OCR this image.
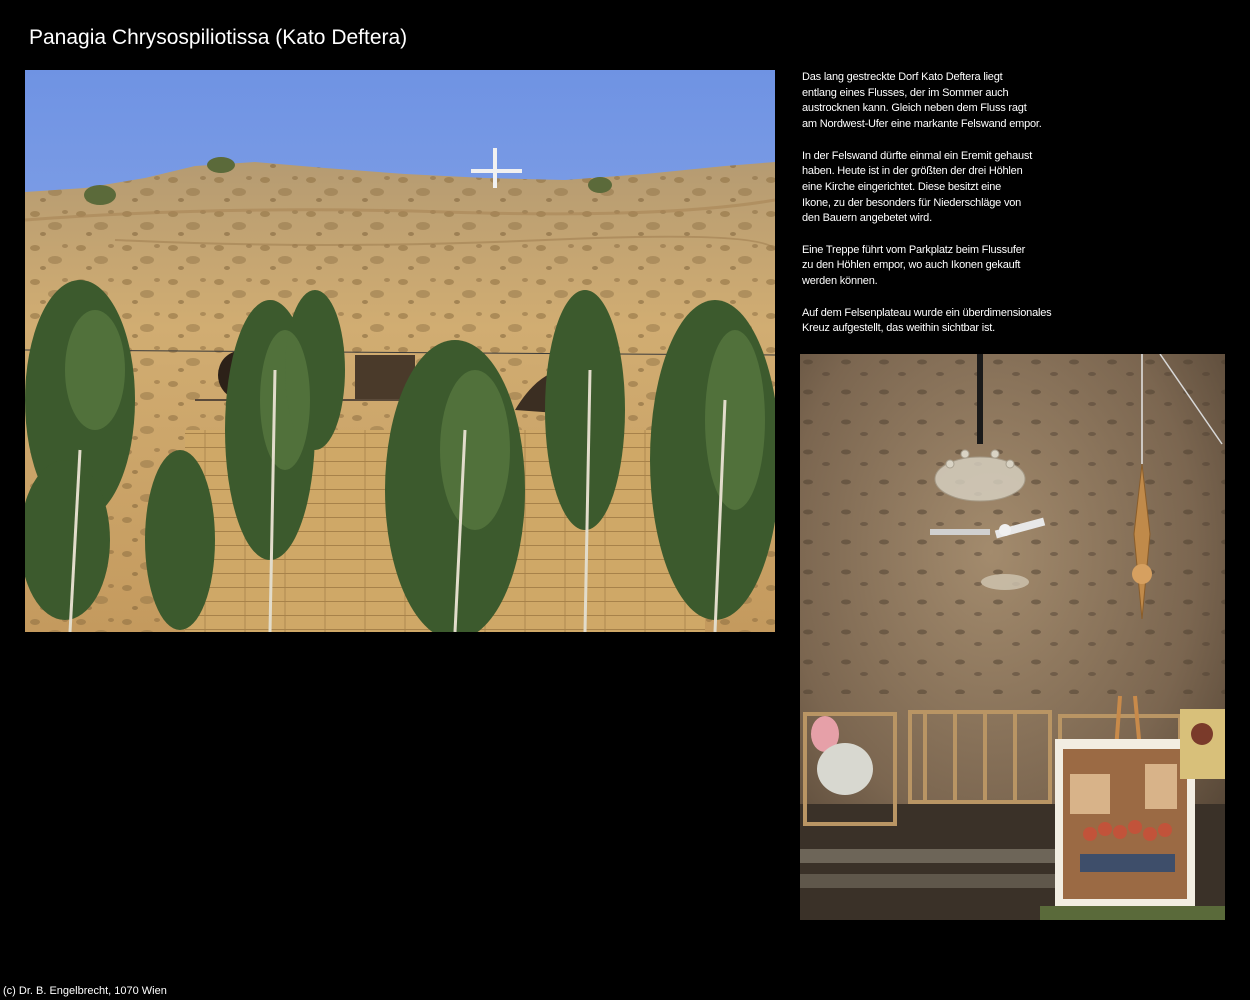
Panagia Chrysospiliotissa (Kato Deftera)

Das lang gestreckte Dorf Kato Deftera liegt
entlang eines Flusses, der im Sommer auch
austrocknen kann. Gleich neben dem Fluss ragt
am Nordwest-Ufer eine markante Felswand empor.

In der Felswand dürfte einmal ein Eremit gehaust
haben. Heute ist in der größten der drei Höhlen
eine Kirche eingerichtet. Diese besitzt eine
Ikone, zu der besonders für Niederschläge von
den Bauern angebetet wird.

Eine Treppe führt vom Parkplatz beim Flussufer
zu den Höhlen empor, wo auch Ikonen gekauft
werden können.

Auf dem Felsenplateau wurde ein überdimensionales
Kreuz aufgestellt, das weithin sichtbar ist.

(c) Dr. B. Engelbrecht, 1070 Wien
